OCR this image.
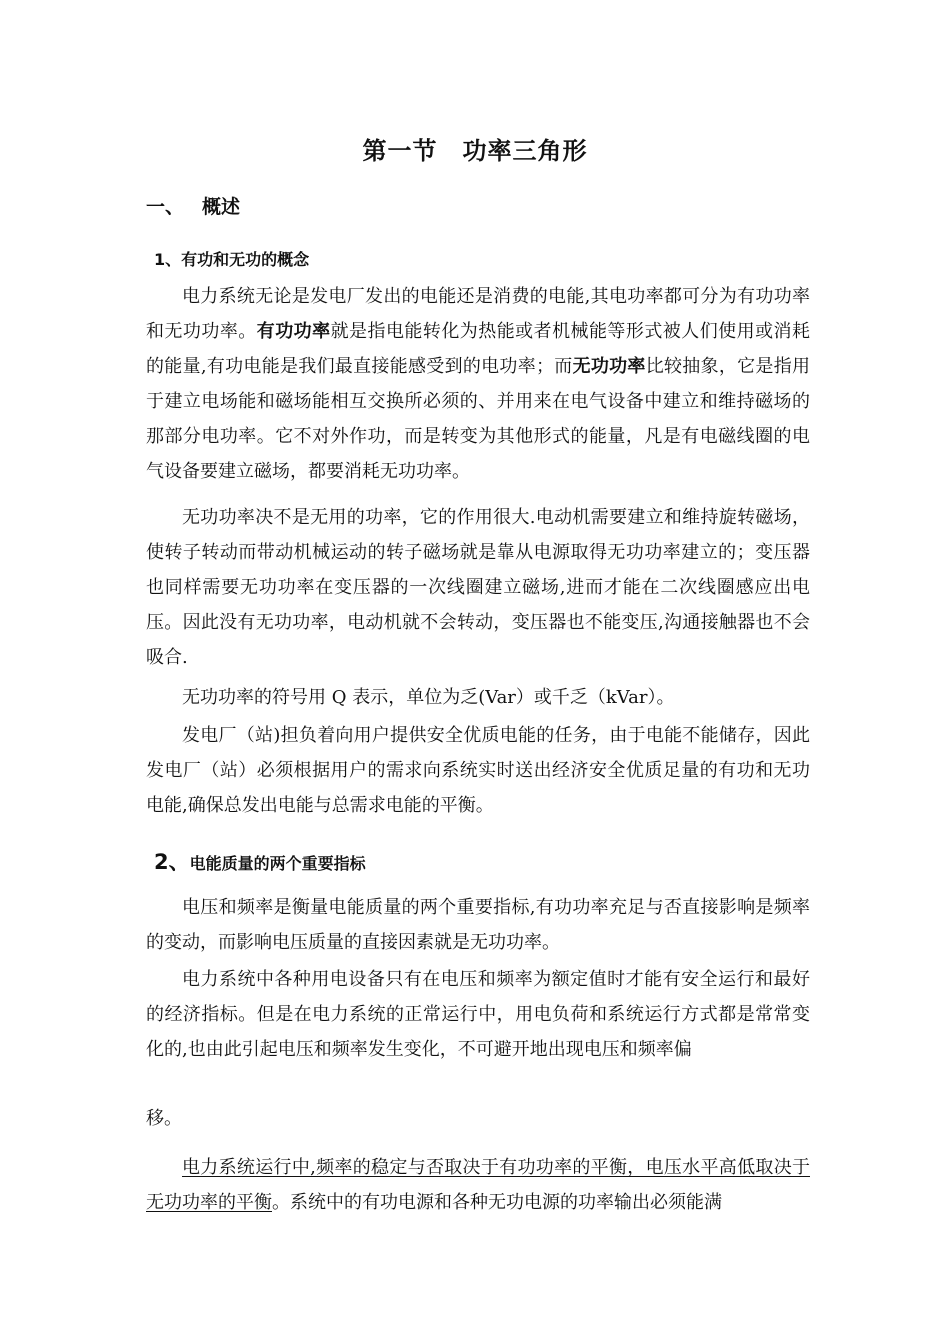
第一节　功率三角形
一、 概述
1、有功和无功的概念
电力系统无论是发电厂发出的电能还是消费的电能,其电功率都可分为有功功率和无功功率。有功功率就是指电能转化为热能或者机械能等形式被人们使用或消耗的能量,有功电能是我们最直接能感受到的电功率；而无功功率比较抽象，它是指用于建立电场能和磁场能相互交换所必须的、并用来在电气设备中建立和维持磁场的那部分电功率。它不对外作功，而是转变为其他形式的能量，凡是有电磁线圈的电气设备要建立磁场，都要消耗无功功率。
无功功率决不是无用的功率，它的作用很大.电动机需要建立和维持旋转磁场，使转子转动而带动机械运动的转子磁场就是靠从电源取得无功功率建立的；变压器也同样需要无功功率在变压器的一次线圈建立磁场,进而才能在二次线圈感应出电压。因此没有无功功率，电动机就不会转动，变压器也不能变压,沟通接触器也不会吸合.
无功功率的符号用 Q 表示，单位为乏(Var）或千乏（kVar）。
发电厂（站)担负着向用户提供安全优质电能的任务，由于电能不能储存，因此发电厂（站）必须根据用户的需求向系统实时送出经济安全优质足量的有功和无功电能,确保总发出电能与总需求电能的平衡。
2、电能质量的两个重要指标
电压和频率是衡量电能质量的两个重要指标,有功功率充足与否直接影响是频率的变动，而影响电压质量的直接因素就是无功功率。
电力系统中各种用电设备只有在电压和频率为额定值时才能有安全运行和最好的经济指标。但是在电力系统的正常运行中，用电负荷和系统运行方式都是常常变化的,也由此引起电压和频率发生变化，不可避开地出现电压和频率偏
移。
电力系统运行中,频率的稳定与否取决于有功功率的平衡，电压水平高低取决于无功功率的平衡。系统中的有功电源和各种无功电源的功率输出必须能满
